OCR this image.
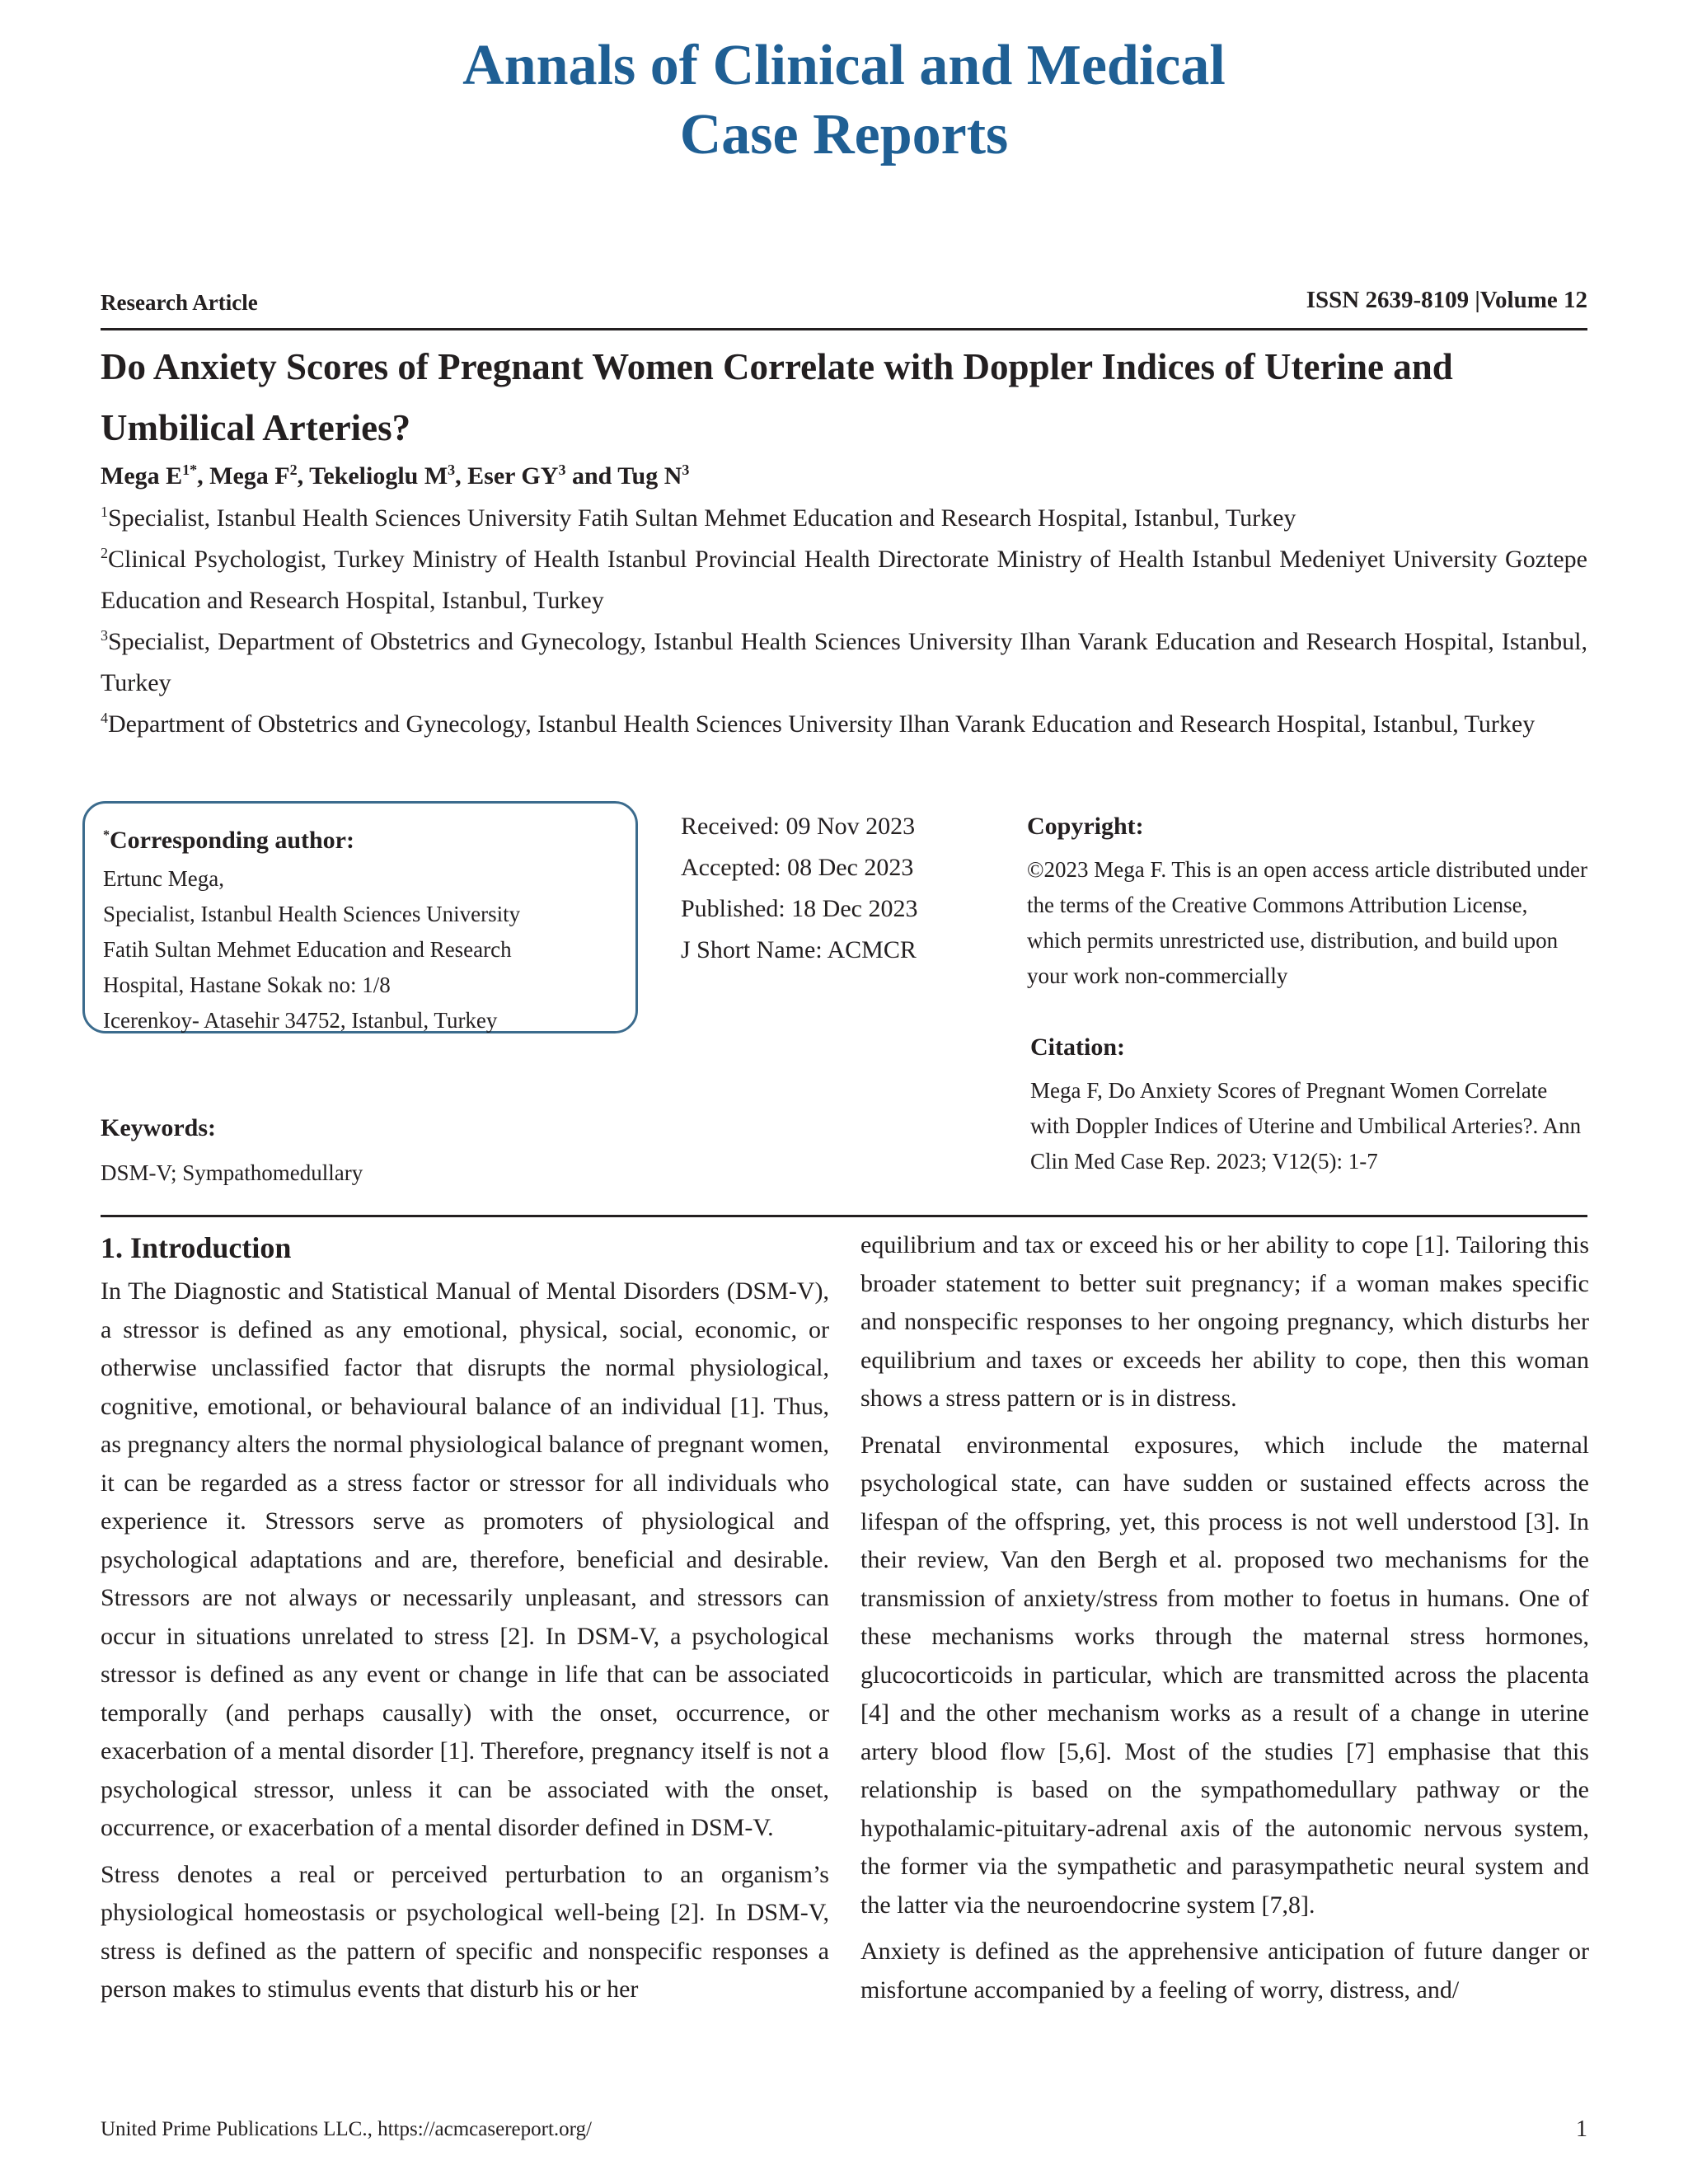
Annals of Clinical and Medical
Case Reports
Research Article	ISSN 2639-8109 |Volume 12
Do Anxiety Scores of Pregnant Women Correlate with Doppler Indices of Uterine and Umbilical Arteries?
Mega $E^{1*}$, Mega $F^2$, Tekelioglu $M^3$, Eser $GY^3$ and Tug $N^3$
$^1$Specialist, Istanbul Health Sciences University Fatih Sultan Mehmet Education and Research Hospital, Istanbul, Turkey
$^2$Clinical Psychologist, Turkey Ministry of Health Istanbul Provincial Health Directorate Ministry of Health Istanbul Medeniyet University Goztepe Education and Research Hospital, Istanbul, Turkey
$^3$Specialist, Department of Obstetrics and Gynecology, Istanbul Health Sciences University Ilhan Varank Education and Research Hospital, Istanbul, Turkey
$^4$Department of Obstetrics and Gynecology, Istanbul Health Sciences University Ilhan Varank Education and Research Hospital, Istanbul, Turkey
*Corresponding author:
Ertunc Mega,
Specialist, Istanbul Health Sciences University
Fatih Sultan Mehmet Education and Research
Hospital, Hastane Sokak no: 1/8
Icerenkoy- Atasehir 34752, Istanbul, Turkey
Received: 09 Nov 2023
Accepted: 08 Dec 2023
Published: 18 Dec 2023
J Short Name: ACMCR
Copyright:
©2023 Mega F. This is an open access article distributed under the terms of the Creative Commons Attribution License, which permits unrestricted use, distribution, and build upon your work non-commercially
Citation:
Mega F, Do Anxiety Scores of Pregnant Women Correlate with Doppler Indices of Uterine and Umbilical Arteries?. Ann Clin Med Case Rep. 2023; V12(5): 1-7
Keywords:
DSM-V; Sympathomedullary
1. Introduction

In The Diagnostic and Statistical Manual of Mental Disorders (DSM-V), a stressor is defined as any emotional, physical, social, economic, or otherwise unclassified factor that disrupts the normal physiological, cognitive, emotional, or behavioural balance of an individual [1]. Thus, as pregnancy alters the normal physiological balance of pregnant women, it can be regarded as a stress factor or stressor for all individuals who experience it. Stressors serve as promoters of physiological and psychological adaptations and are, therefore, beneficial and desirable. Stressors are not always or necessarily unpleasant, and stressors can occur in situations unrelated to stress [2]. In DSM-V, a psychological stressor is defined as any event or change in life that can be associated temporally (and perhaps causally) with the onset, occurrence, or exacerbation of a mental disorder [1]. Therefore, pregnancy itself is not a psychological stressor, unless it can be associated with the onset, occurrence, or exacerbation of a mental disorder defined in DSM-V.

Stress denotes a real or perceived perturbation to an organism’s physiological homeostasis or psychological well-being [2]. In DSM-V, stress is defined as the pattern of specific and nonspecific responses a person makes to stimulus events that disturb his or her

equilibrium and tax or exceed his or her ability to cope [1]. Tailoring this broader statement to better suit pregnancy; if a woman makes specific and nonspecific responses to her ongoing pregnancy, which disturbs her equilibrium and taxes or exceeds her ability to cope, then this woman shows a stress pattern or is in distress.

Prenatal environmental exposures, which include the maternal psychological state, can have sudden or sustained effects across the lifespan of the offspring, yet, this process is not well understood [3]. In their review, Van den Bergh et al. proposed two mechanisms for the transmission of anxiety/stress from mother to foetus in humans. One of these mechanisms works through the maternal stress hormones, glucocorticoids in particular, which are transmitted across the placenta [4] and the other mechanism works as a result of a change in uterine artery blood flow [5,6]. Most of the studies [7] emphasise that this relationship is based on the sympathomedullary pathway or the hypothalamic-pituitary-adrenal axis of the autonomic nervous system, the former via the sympathetic and parasympathetic neural system and the latter via the neuroendocrine system [7,8].

Anxiety is defined as the apprehensive anticipation of future danger or misfortune accompanied by a feeling of worry, distress, and/

United Prime Publications LLC., https://acmcasereport.org/	1
